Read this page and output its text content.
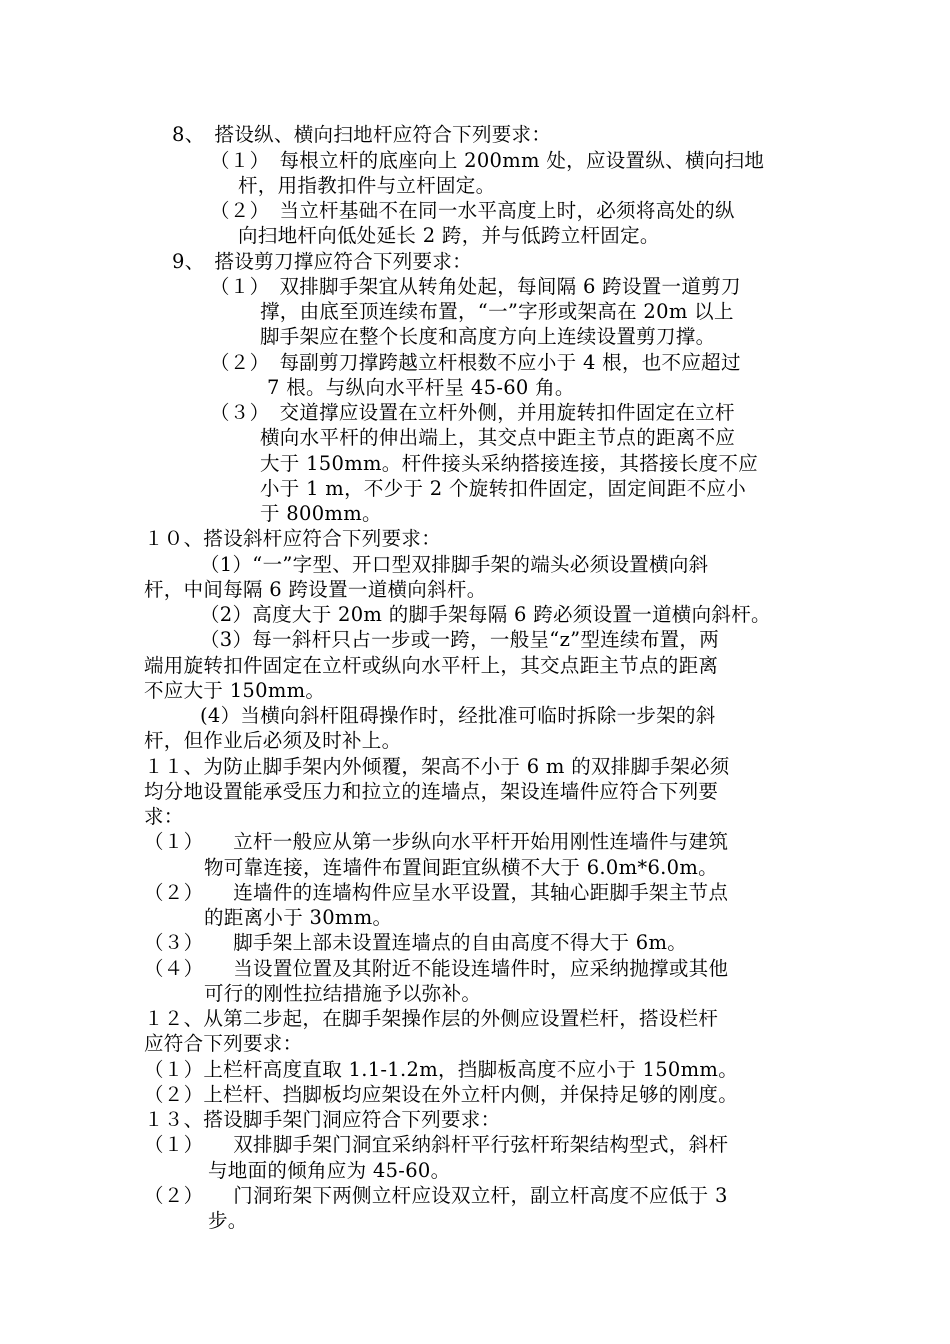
8、　搭设纵、横向扫地杆应符合下列要求：
（１）　每根立杆的底座向上 200mm 处，应设置纵、横向扫地
杆，用指教扣件与立杆固定。
（２）　当立杆基础不在同一水平高度上时，必须将高处的纵
向扫地杆向低处延长 2 跨，并与低跨立杆固定。
9、　搭设剪刀撑应符合下列要求：
（１）　双排脚手架宜从转角处起，每间隔 6 跨设置一道剪刀
撑，由底至顶连续布置，“一”字形或架高在 20m 以上
脚手架应在整个长度和高度方向上连续设置剪刀撑。
（２）　每副剪刀撑跨越立杆根数不应小于 4 根，也不应超过
7 根。与纵向水平杆呈 45-60 角。
（３）　交道撑应设置在立杆外侧，并用旋转扣件固定在立杆
横向水平杆的伸出端上，其交点中距主节点的距离不应
大于 150mm。杆件接头采纳搭接连接，其搭接长度不应
小于 1 m，不少于 2 个旋转扣件固定，固定间距不应小
于 800mm。
１０、搭设斜杆应符合下列要求：
（1）“一”字型、开口型双排脚手架的端头必须设置横向斜
杆，中间每隔 6 跨设置一道横向斜杆。
（2）高度大于 20m 的脚手架每隔 6 跨必须设置一道横向斜杆。
（3）每一斜杆只占一步或一跨，一般呈“z”型连续布置，两
端用旋转扣件固定在立杆或纵向水平杆上，其交点距主节点的距离
不应大于 150mm。
(4）当横向斜杆阻碍操作时，经批准可临时拆除一步架的斜
杆，但作业后必须及时补上。
１１、为防止脚手架内外倾覆，架高不小于 6 m 的双排脚手架必须
均分地设置能承受压力和拉立的连墙点，架设连墙件应符合下列要
求：
（１）　　立杆一般应从第一步纵向水平杆开始用刚性连墙件与建筑
物可靠连接，连墙件布置间距宜纵横不大于 6.0m*6.0m。
（２）　　连墙件的连墙构件应呈水平设置，其轴心距脚手架主节点
的距离小于 30mm。
（３）　　脚手架上部未设置连墙点的自由高度不得大于 6m。
（４）　　当设置位置及其附近不能设连墙件时，应采纳抛撑或其他
可行的刚性拉结措施予以弥补。
１２、从第二步起，在脚手架操作层的外侧应设置栏杆，搭设栏杆
应符合下列要求：
（１）上栏杆高度直取 1.1-1.2m，挡脚板高度不应小于 150mm。
（２）上栏杆、挡脚板均应架设在外立杆内侧，并保持足够的刚度。
１３、搭设脚手架门洞应符合下列要求：
（１）　　双排脚手架门洞宜采纳斜杆平行弦杆珩架结构型式，斜杆
与地面的倾角应为 45-60。
（２）　　门洞珩架下两侧立杆应设双立杆，副立杆高度不应低于 3
步。
